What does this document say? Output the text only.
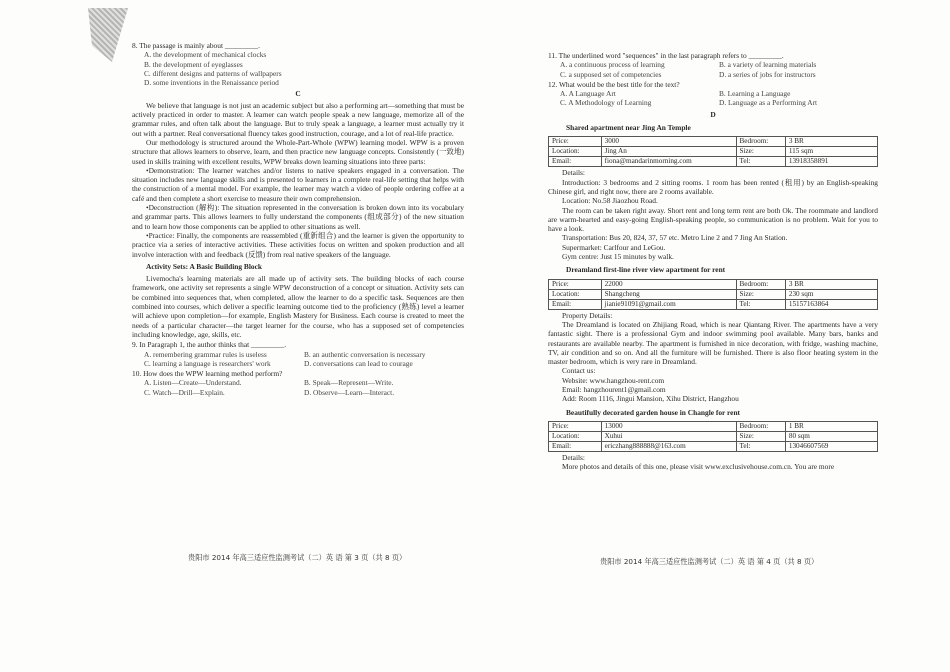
8. The passage is mainly about _________.
A. the development of mechanical clocks
B. the development of eyeglasses
C. different designs and patterns of wallpapers
D. some inventions in the Renaissance period
C

We believe that language is not just an academic subject but also a performing art—something that must be actively practiced in order to master. A learner can watch people speak a new language, memorize all of the grammar rules, and often talk about the language. But to truly speak a language, a learner must actually try it out with a partner. Real conversational fluency takes good instruction, courage, and a lot of real-life practice.

Our methodology is structured around the Whole-Part-Whole (WPW) learning model. WPW is a proven structure that allows learners to observe, learn, and then practice new language concepts. Consistently (一致地) used in skills training with excellent results, WPW breaks down learning situations into three parts:

•Demonstration: The learner watches and/or listens to native speakers engaged in a conversation. The situation includes new language skills and is presented to learners in a complete real-life setting that helps with the construction of a mental model. For example, the learner may watch a video of people ordering coffee at a café and then complete a short exercise to measure their own comprehension.

•Deconstruction (解构): The situation represented in the conversation is broken down into its vocabulary and grammar parts. This allows learners to fully understand the components (组成部分) of the new situation and to learn how those components can be applied to other situations as well.

•Practice: Finally, the components are reassembled (重新组合) and the learner is given the opportunity to practice via a series of interactive activities. These activities focus on written and spoken production and all involve interaction with and feedback (反馈) from real native speakers of the language.

Activity Sets: A Basic Building Block

Livemocha's learning materials are all made up of activity sets. The building blocks of each course framework, one activity set represents a single WPW deconstruction of a concept or situation. Activity sets can be combined into sequences that, when completed, allow the learner to do a specific task. Sequences are then combined into courses, which deliver a specific learning outcome tied to the proficiency (熟练) level a learner will achieve upon completion—for example, English Mastery for Business. Each course is created to meet the needs of a particular character—the target learner for the course, who has a supposed set of competencies including knowledge, age, skills, etc.

9. In Paragraph 1, the author thinks that _________.
A. remembering grammar rules is useless	B. an authentic conversation is necessary
C. learning a language is researchers' work	D. conversations can lead to courage
10. How does the WPW learning method perform?
A. Listen—Create—Understand.	B. Speak—Represent—Write.
C. Watch—Drill—Explain.	D. Observe—Learn—Interact.
贵阳市 2014 年高三适应性监测考试（二）英 语 第 3 页（共 8 页）
11. The underlined word "sequences" in the last paragraph refers to _________.
A. a continuous process of learning	B. a variety of learning materials
C. a supposed set of competencies	D. a series of jobs for instructors
12. What would be the best title for the text?
A. A Language Art	B. Learning a Language
C. A Methodology of Learning	D. Language as a Performing Art
D
Shared apartment near Jing An Temple
Price:	3000	Bedroom:	3 BR
Location:	Jing An	Size:	115 sqm
Email:	fiona@mandarinmorning.com	Tel:	13918358891
Details:

Introduction: 3 bedrooms and 2 sitting rooms. 1 room has been rented (租用) by an English-speaking Chinese girl, and right now, there are 2 rooms available.

Location: No.58 Jiaozhou Road.

The room can be taken right away. Short rent and long term rent are both Ok. The roommate and landlord are warm-hearted and easy-going English-speaking people, so communication is no problem. Wait for you to have a look.

Transportation: Bus 20, 824, 37, 57 etc. Metro Line 2 and 7 Jing An Station.

Supermarket: Carlfour and LeGou.

Gym centre: Just 15 minutes by walk.

Dreamland first-line river view apartment for rent
Price:	22000	Bedroom:	3 BR
Location:	Shangcheng	Size:	230 sqm
Email:	jianie91091@gmail.com	Tel:	15157163864
Property Details:

The Dreamland is located on Zhijiang Road, which is near Qiantang River. The apartments have a very fantastic sight. There is a professional Gym and indoor swimming pool available. Many bars, banks and restaurants are available nearby. The apartment is furnished in nice decoration, with fridge, washing machine, TV, air condition and so on. And all the furniture will be furnished. There is also floor heating system in the master bedroom, which is very rare in Dreamland.

Contact us:
Website: www.hangzhou-rent.com
Email: hangzhourent1@gmail.com
Add: Room 1116, Jingui Mansion, Xihu District, Hangzhou
Beautifully decorated garden house in Changle for rent
Price:	13000	Bedroom:	1 BR
Location:	Xuhui	Size:	80 sqm
Email:	ericzhang888888@163.com	Tel:	13046607569
Details:

More photos and details of this one, please visit www.exclusivehouse.com.cn. You are more

贵阳市 2014 年高三适应性监测考试（二）英 语 第 4 页（共 8 页）
